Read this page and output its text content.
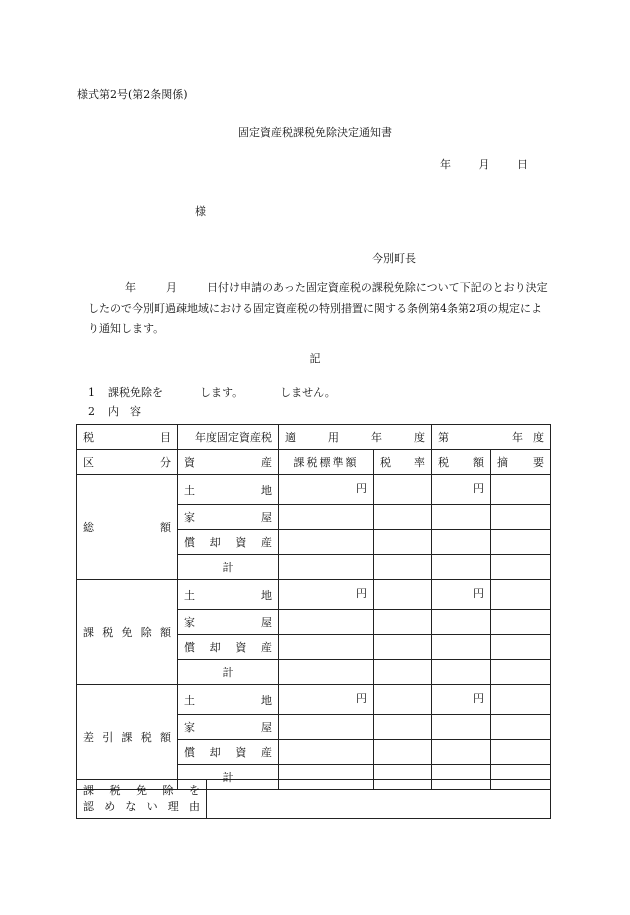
様式第2号(第2条関係)
固定資産税課税免除決定通知書
年	月	日
様
今別町長
年	月	日付け申請のあった固定資産税の課税免除について下記のとおり決定したので今別町過疎地域における固定資産税の特別措置に関する条例第4条第2項の規定により通知します。
記
1 課税免除を	します。	しません。
2 内　容
税 目	年度固定資産税	適 用 年 度		第 年 度	

区 分	資 産	課税標準額	税 率	税 額	摘 要

総 額	土 地	円		円	

	家 屋				

	償 却 資 産				

	計				

課 税 免 除 額	土 地	円		円	

	家 屋				

	償 却 資 産				

	計				

差 引 課 税 額	土 地	円		円	

	家 屋				

	償 却 資 産				

	計				
課 税 免 除 を
認 め な い 理 由
